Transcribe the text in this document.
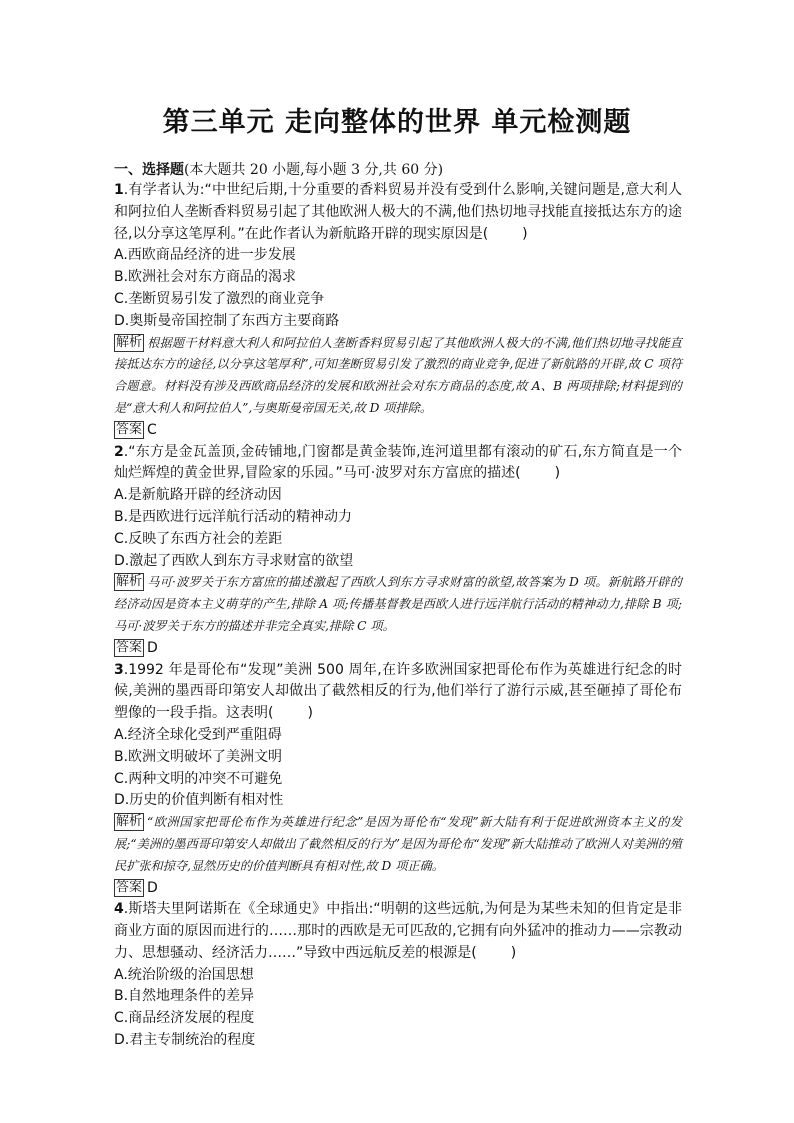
第三单元 走向整体的世界 单元检测题
一、选择题(本大题共 20 小题,每小题 3 分,共 60 分)
1.有学者认为:“中世纪后期,十分重要的香料贸易并没有受到什么影响,关键问题是,意大利人和阿拉伯人垄断香料贸易引起了其他欧洲人极大的不满,他们热切地寻找能直接抵达东方的途径,以分享这笔厚利。”在此作者认为新航路开辟的现实原因是( )
A.西欧商品经济的进一步发展
B.欧洲社会对东方商品的渴求
C.垄断贸易引发了激烈的商业竞争
D.奥斯曼帝国控制了东西方主要商路
解析 根据题干材料意大利人和阿拉伯人垄断香料贸易引起了其他欧洲人极大的不满,他们热切地寻找能直接抵达东方的途径,以分享这笔厚利”,可知垄断贸易引发了激烈的商业竞争,促进了新航路的开辟,故 C 项符合题意。材料没有涉及西欧商品经济的发展和欧洲社会对东方商品的态度,故 A、B 两项排除;材料提到的是“意大利人和阿拉伯人”,与奥斯曼帝国无关,故 D 项排除。
答案 C
2.“东方是金瓦盖顶,金砖铺地,门窗都是黄金装饰,连河道里都有滚动的矿石,东方简直是一个灿烂辉煌的黄金世界,冒险家的乐园。”马可·波罗对东方富庶的描述( )
A.是新航路开辟的经济动因
B.是西欧进行远洋航行活动的精神动力
C.反映了东西方社会的差距
D.激起了西欧人到东方寻求财富的欲望
解析 马可·波罗关于东方富庶的描述激起了西欧人到东方寻求财富的欲望,故答案为 D 项。新航路开辟的经济动因是资本主义萌芽的产生,排除 A 项;传播基督教是西欧人进行远洋航行活动的精神动力,排除 B 项;马可·波罗关于东方的描述并非完全真实,排除 C 项。
答案 D
3.1992 年是哥伦布“发现”美洲 500 周年,在许多欧洲国家把哥伦布作为英雄进行纪念的时候,美洲的墨西哥印第安人却做出了截然相反的行为,他们举行了游行示威,甚至砸掉了哥伦布塑像的一段手指。这表明( )
A.经济全球化受到严重阻碍
B.欧洲文明破坏了美洲文明
C.两种文明的冲突不可避免
D.历史的价值判断有相对性
解析 “欧洲国家把哥伦布作为英雄进行纪念”是因为哥伦布“发现”新大陆有利于促进欧洲资本主义的发展;“美洲的墨西哥印第安人却做出了截然相反的行为”是因为哥伦布“发现”新大陆推动了欧洲人对美洲的殖民扩张和掠夺,显然历史的价值判断具有相对性,故 D 项正确。
答案 D
4.斯塔夫里阿诺斯在《全球通史》中指出:“明朝的这些远航,为何是为某些未知的但肯定是非商业方面的原因而进行的……那时的西欧是无可匹敌的,它拥有向外猛冲的推动力——宗教动力、思想骚动、经济活力……”导致中西远航反差的根源是( )
A.统治阶级的治国思想
B.自然地理条件的差异
C.商品经济发展的程度
D.君主专制统治的程度
